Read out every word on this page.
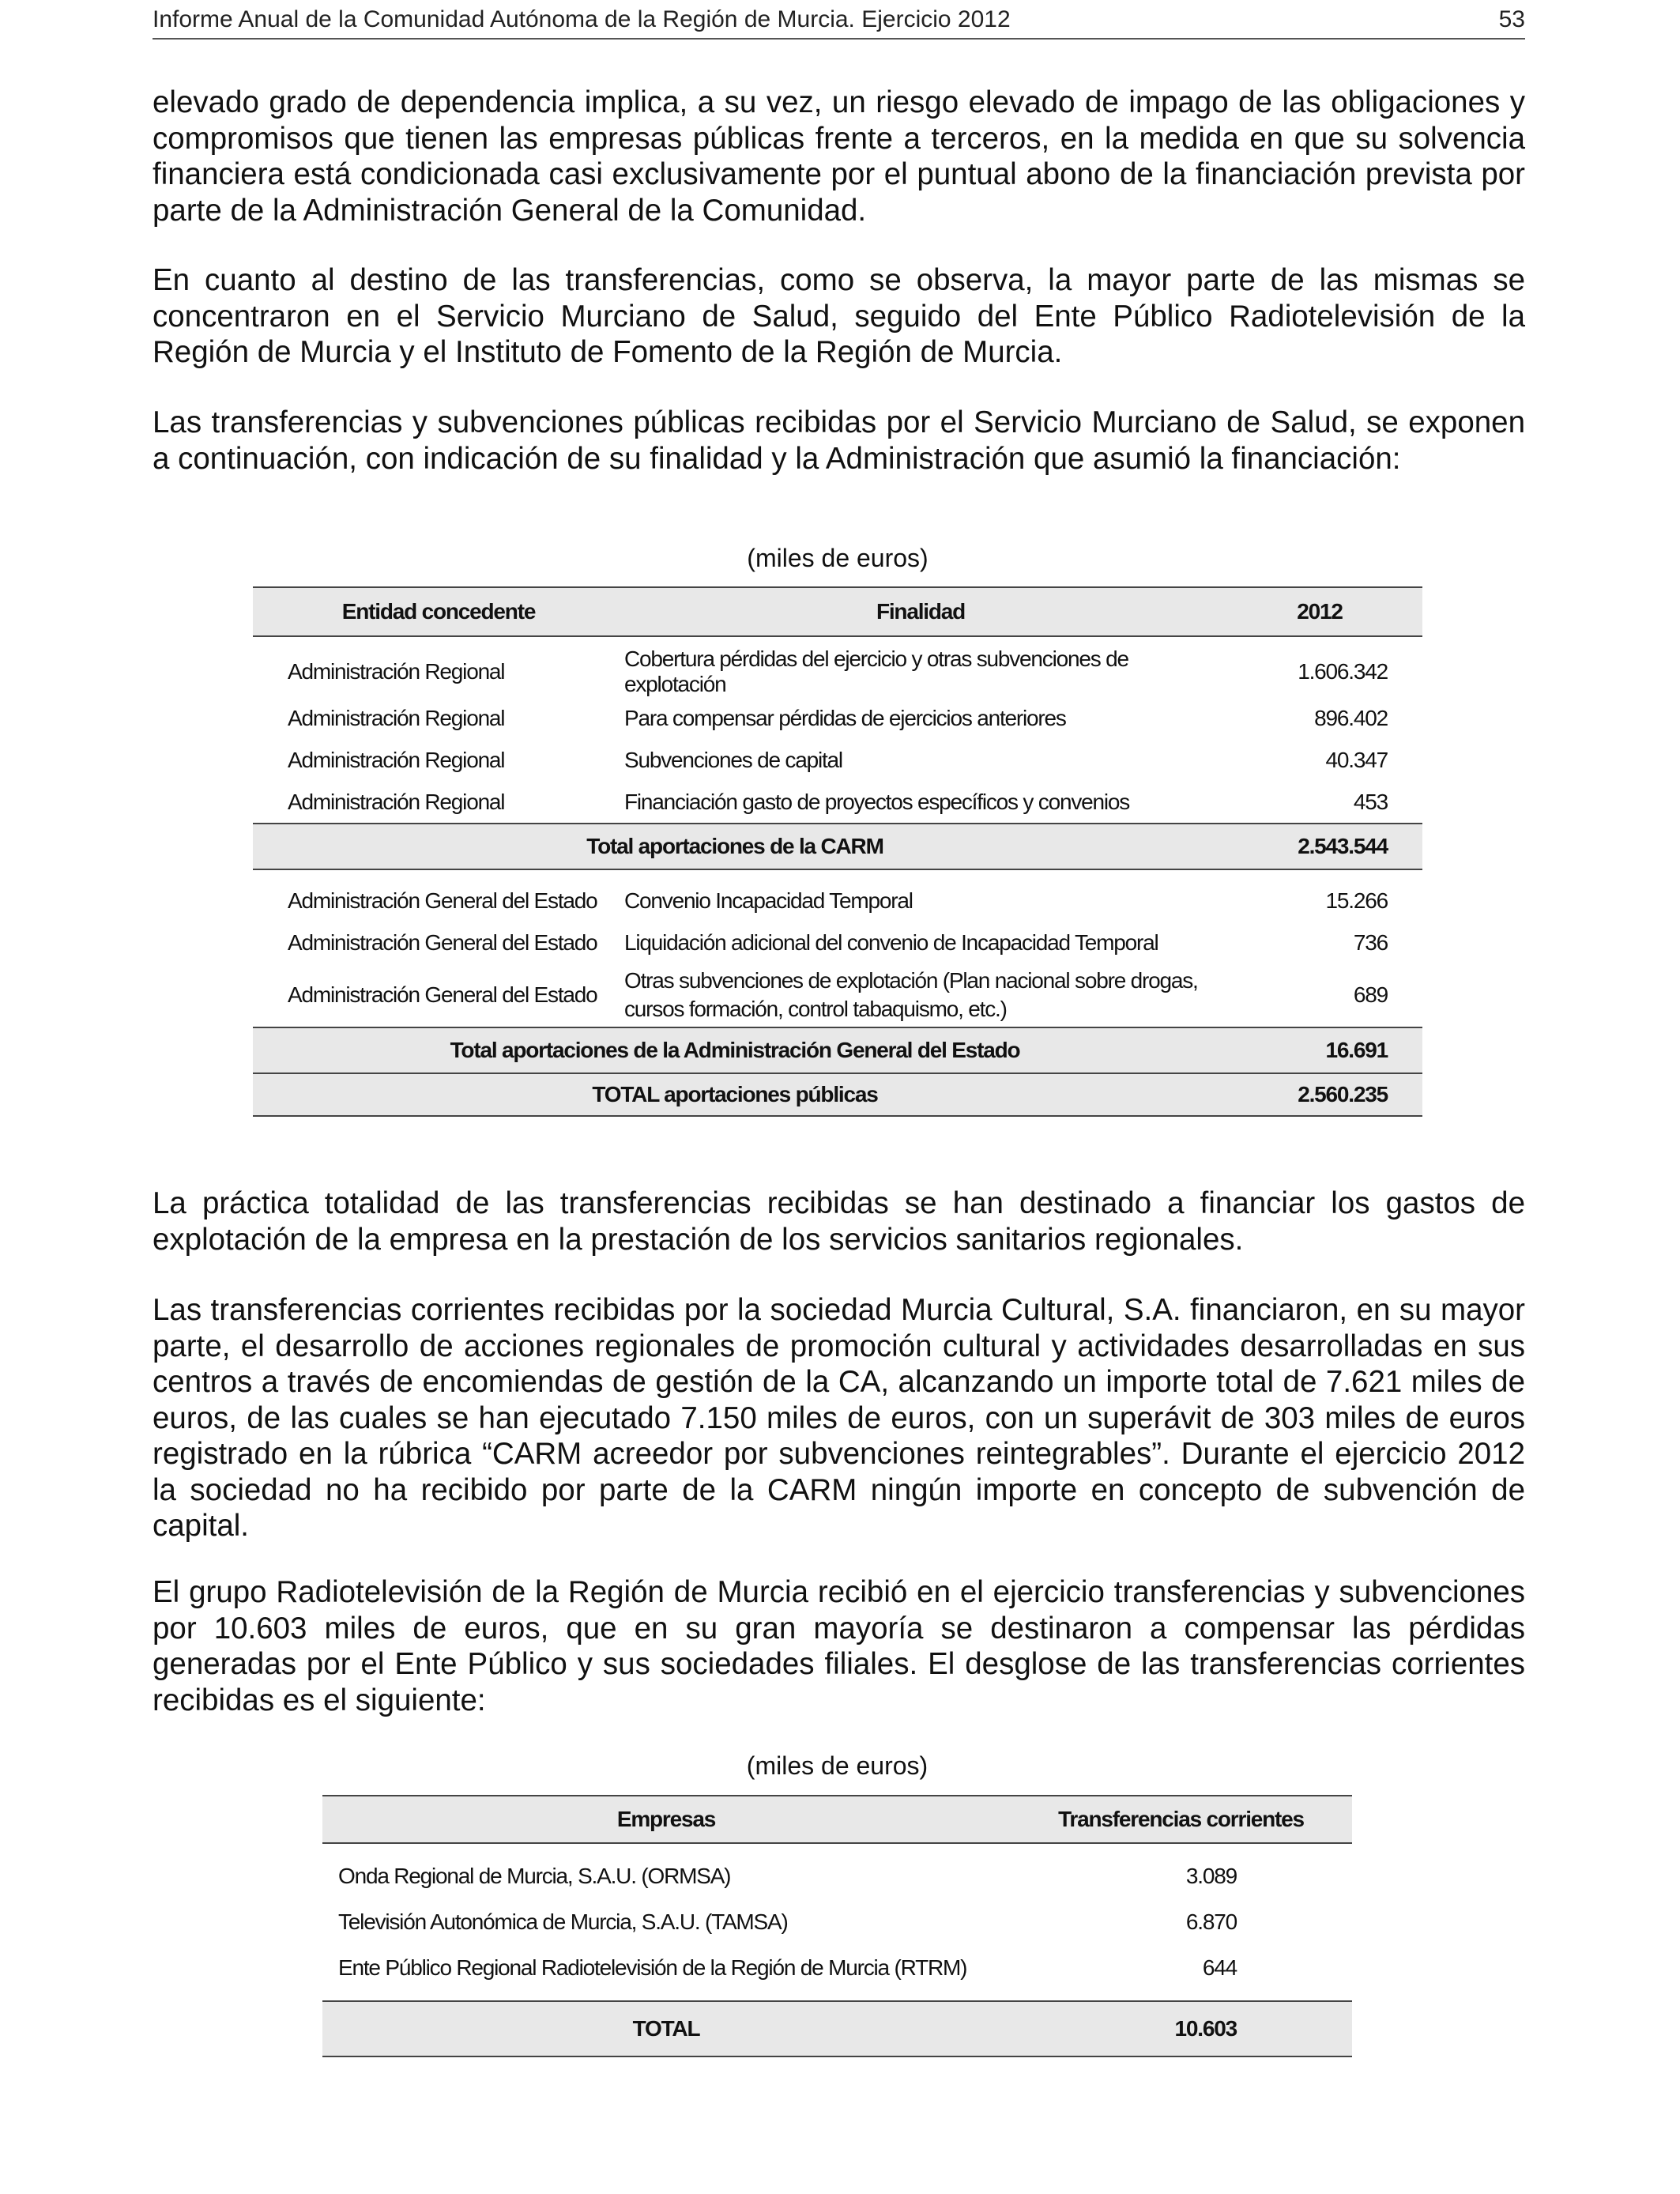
Informe Anual de la Comunidad Autónoma de la Región de Murcia. Ejercicio 2012	53

elevado grado de dependencia implica, a su vez, un riesgo elevado de impago de las obligaciones y compromisos que tienen las empresas públicas frente a terceros, en la medida en que su solvencia financiera está condicionada casi exclusivamente por el puntual abono de la financiación prevista por parte de la Administración General de la Comunidad.

En cuanto al destino de las transferencias, como se observa, la mayor parte de las mismas se concentraron en el Servicio Murciano de Salud, seguido del Ente Público Radiotelevisión de la Región de Murcia y el Instituto de Fomento de la Región de Murcia.

Las transferencias y subvenciones públicas recibidas por el Servicio Murciano de Salud, se exponen a continuación, con indicación de su finalidad y la Administración que asumió la financiación:

(miles de euros)
Entidad concedente	Finalidad	2012

Administración Regional	Cobertura pérdidas del ejercicio y otras subvenciones de explotación	1.606.342
Administración Regional	Para compensar pérdidas de ejercicios anteriores	896.402
Administración Regional	Subvenciones de capital	40.347
Administración Regional	Financiación gasto de proyectos específicos y convenios	453
Total aportaciones de la CARM		2.543.544

Administración General del Estado	Convenio Incapacidad Temporal	15.266
Administración General del Estado	Liquidación adicional del convenio de Incapacidad Temporal	736
Administración General del Estado	Otras subvenciones de explotación (Plan nacional sobre drogas, cursos formación, control tabaquismo, etc.)	689
Total aportaciones de la Administración General del Estado		16.691
TOTAL aportaciones públicas		2.560.235

La práctica totalidad de las transferencias recibidas se han destinado a financiar los gastos de explotación de la empresa en la prestación de los servicios sanitarios regionales.

Las transferencias corrientes recibidas por la sociedad Murcia Cultural, S.A. financiaron, en su mayor parte, el desarrollo de acciones regionales de promoción cultural y actividades desarrolladas en sus centros a través de encomiendas de gestión de la CA, alcanzando un importe total de 7.621 miles de euros, de las cuales se han ejecutado 7.150 miles de euros, con un superávit de 303 miles de euros registrado en la rúbrica “CARM acreedor por subvenciones reintegrables”. Durante el ejercicio 2012 la sociedad no ha recibido por parte de la CARM ningún importe en concepto de subvención de capital.

El grupo Radiotelevisión de la Región de Murcia recibió en el ejercicio transferencias y subvenciones por 10.603 miles de euros, que en su gran mayoría se destinaron a compensar las pérdidas generadas por el Ente Público y sus sociedades filiales. El desglose de las transferencias corrientes recibidas es el siguiente:

(miles de euros)
Empresas	Transferencias corrientes

Onda Regional de Murcia, S.A.U. (ORMSA)	3.089
Televisión Autonómica de Murcia, S.A.U. (TAMSA)	6.870
Ente Público Regional Radiotelevisión de la Región de Murcia (RTRM)	644

TOTAL	10.603
